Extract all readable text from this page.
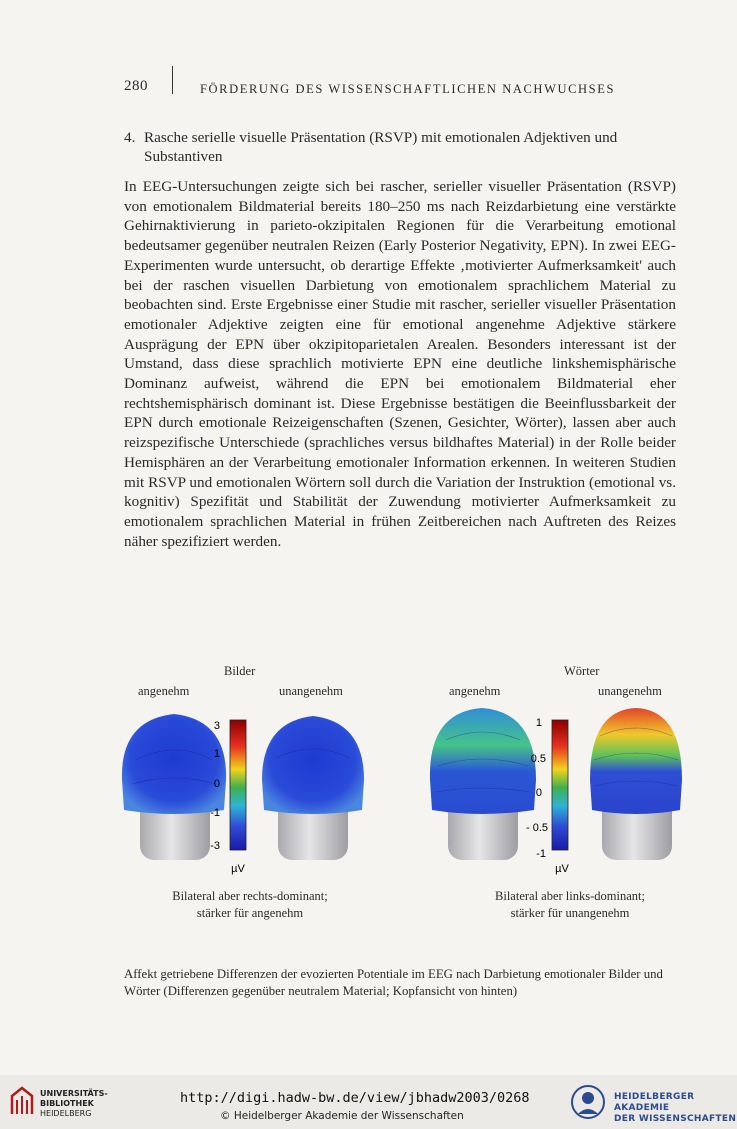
280	FÖRDERUNG DES WISSENSCHAFTLICHEN NACHWUCHSES
4. Rasche serielle visuelle Präsentation (RSVP) mit emotionalen Adjektiven und Substantiven
In EEG-Untersuchungen zeigte sich bei rascher, serieller visueller Präsentation (RSVP) von emotionalem Bildmaterial bereits 180–250 ms nach Reizdarbietung eine verstärkte Gehirnaktivierung in parieto-okzipitalen Regionen für die Verarbeitung emotional bedeutsamer gegenüber neutralen Reizen (Early Posterior Negativity, EPN). In zwei EEG-Experimenten wurde untersucht, ob derartige Effekte ‚motivierter Aufmerksamkeit' auch bei der raschen visuellen Darbietung von emotionalem sprachlichem Material zu beobachten sind. Erste Ergebnisse einer Studie mit rascher, serieller visueller Präsentation emotionaler Adjektive zeigten eine für emotional angenehme Adjektive stärkere Ausprägung der EPN über okzipitoparietalen Arealen. Besonders interessant ist der Umstand, dass diese sprachlich motivierte EPN eine deutliche linkshemisphärische Dominanz aufweist, während die EPN bei emotionalem Bildmaterial eher rechtshemisphärisch dominant ist. Diese Ergebnisse bestätigen die Beeinflussbarkeit der EPN durch emotionale Reizeigenschaften (Szenen, Gesichter, Wörter), lassen aber auch reizspezifische Unterschiede (sprachliches versus bildhaftes Material) in der Rolle beider Hemisphären an der Verarbeitung emotionaler Information erkennen. In weiteren Studien mit RSVP und emotionalen Wörtern soll durch die Variation der Instruktion (emotional vs. kognitiv) Spezifität und Stabilität der Zuwendung motivierter Aufmerksamkeit zu emotionalem sprachlichen Material in frühen Zeitbereichen nach Auftreten des Reizes näher spezifiziert werden.
Bilder
angenehm	unangenehm
Wörter
angenehm	unangenehm
3
1
0
-1
-3
µV
1
0.5
0
- 0.5
-1
µV
Bilateral aber rechts-dominant;
stärker für angenehm
Bilateral aber links-dominant;
stärker für unangenehm
Affekt getriebene Differenzen der evozierten Potentiale im EEG nach Darbietung emotionaler Bilder und Wörter (Differenzen gegenüber neutralem Material; Kopfansicht von hinten)
UNIVERSITÄTS-
BIBLIOTHEK
HEIDELBERG
http://digi.hadw-bw.de/view/jbhadw2003/0268
© Heidelberger Akademie der Wissenschaften
HEIDELBERGER AKADEMIE
DER WISSENSCHAFTEN
